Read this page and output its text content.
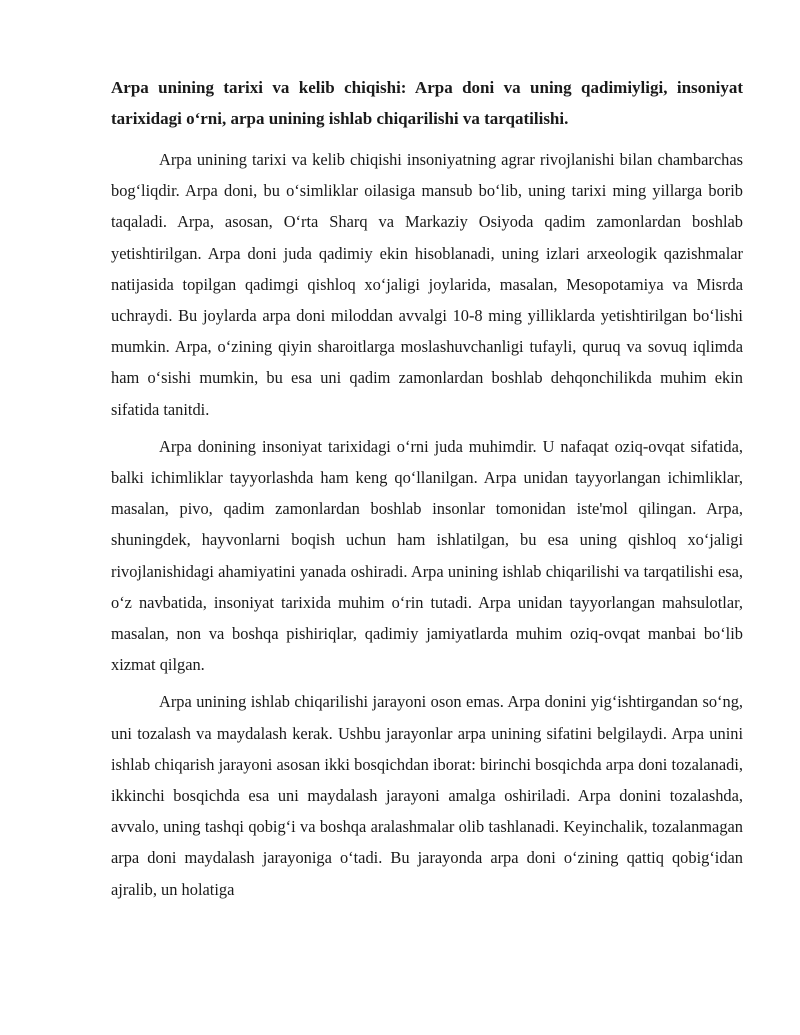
Arpa unining tarixi va kelib chiqishi: Arpa doni va uning qadimiyligi, insoniyat tarixidagi o‘rni, arpa unining ishlab chiqarilishi va tarqatilishi.

Arpa unining tarixi va kelib chiqishi insoniyatning agrar rivojlanishi bilan chambarchas bog‘liqdir. Arpa doni, bu o‘simliklar oilasiga mansub bo‘lib, uning tarixi ming yillarga borib taqaladi. Arpa, asosan, O‘rta Sharq va Markaziy Osiyoda qadim zamonlardan boshlab yetishtirilgan. Arpa doni juda qadimiy ekin hisoblanadi, uning izlari arxeologik qazishmalar natijasida topilgan qadimgi qishloq xo‘jaligi joylarida, masalan, Mesopotamiya va Misrda uchraydi. Bu joylarda arpa doni miloddan avvalgi 10-8 ming yilliklarda yetishtirilgan bo‘lishi mumkin. Arpa, o‘zining qiyin sharoitlarga moslashuvchanligi tufayli, quruq va sovuq iqlimda ham o‘sishi mumkin, bu esa uni qadim zamonlardan boshlab dehqonchilikda muhim ekin sifatida tanitdi.

Arpa donining insoniyat tarixidagi o‘rni juda muhimdir. U nafaqat oziq-ovqat sifatida, balki ichimliklar tayyorlashda ham keng qo‘llanilgan. Arpa unidan tayyorlangan ichimliklar, masalan, pivo, qadim zamonlardan boshlab insonlar tomonidan iste'mol qilingan. Arpa, shuningdek, hayvonlarni boqish uchun ham ishlatilgan, bu esa uning qishloq xo‘jaligi rivojlanishidagi ahamiyatini yanada oshiradi. Arpa unining ishlab chiqarilishi va tarqatilishi esa, o‘z navbatida, insoniyat tarixida muhim o‘rin tutadi. Arpa unidan tayyorlangan mahsulotlar, masalan, non va boshqa pishiriqlar, qadimiy jamiyatlarda muhim oziq-ovqat manbai bo‘lib xizmat qilgan.

Arpa unining ishlab chiqarilishi jarayoni oson emas. Arpa donini yig‘ishtirgandan so‘ng, uni tozalash va maydalash kerak. Ushbu jarayonlar arpa unining sifatini belgilaydi. Arpa unini ishlab chiqarish jarayoni asosan ikki bosqichdan iborat: birinchi bosqichda arpa doni tozalanadi, ikkinchi bosqichda esa uni maydalash jarayoni amalga oshiriladi. Arpa donini tozalashda, avvalo, uning tashqi qobig‘i va boshqa aralashmalar olib tashlanadi. Keyinchalik, tozalanmagan arpa doni maydalash jarayoniga o‘tadi. Bu jarayonda arpa doni o‘zining qattiq qobig‘idan ajralib, un holatiga
